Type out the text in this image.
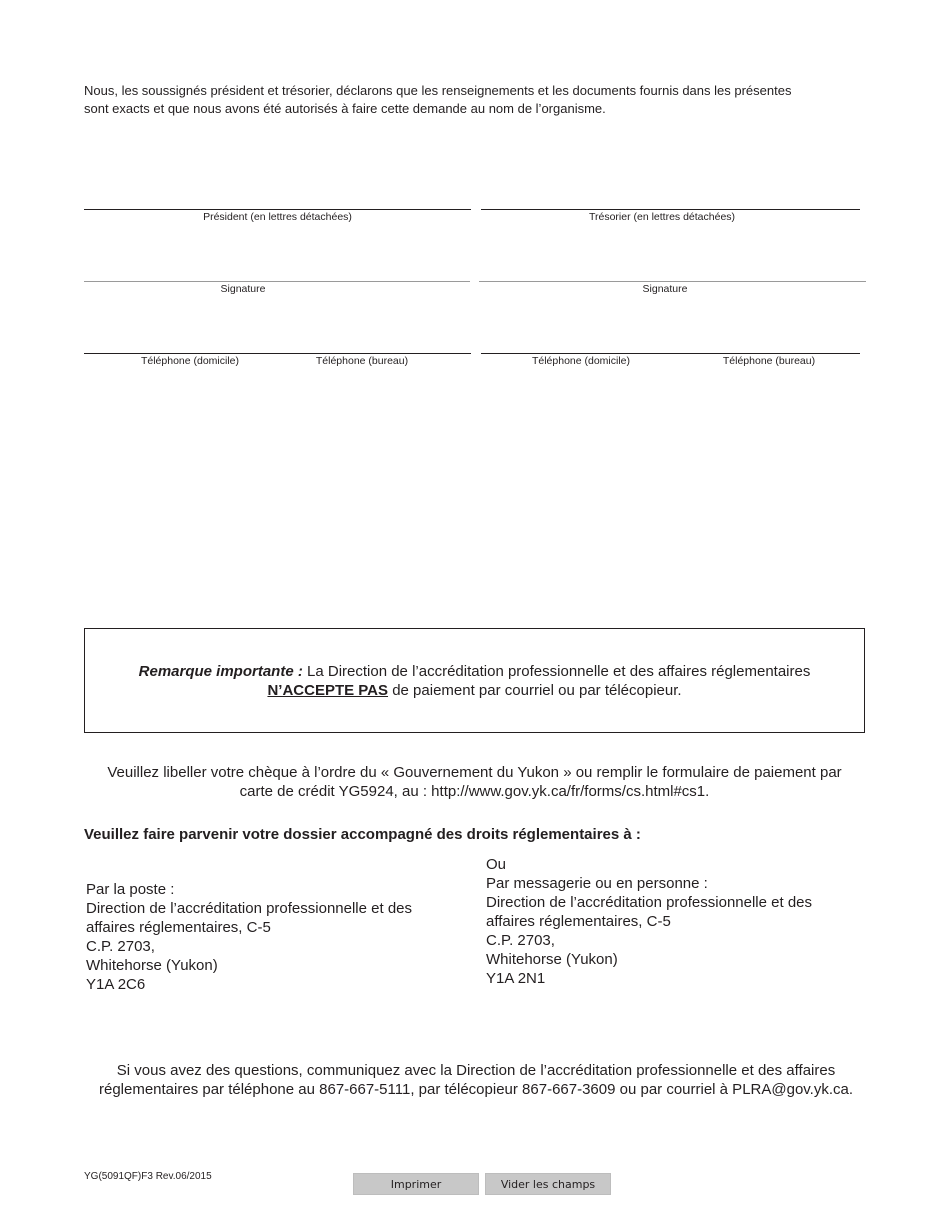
Nous, les soussignés président et trésorier, déclarons que les renseignements et les documents fournis dans les présentes
sont exacts et que nous avons été autorisés à faire cette demande au nom de l’organisme.
Président (en lettres détachées)	Trésorier (en lettres détachées)
Signature	Signature
Téléphone (domicile)	Téléphone (bureau)	Téléphone (domicile)	Téléphone (bureau)
Remarque importante : La Direction de l’accréditation professionnelle et des affaires réglementaires
N’ACCEPTE PAS de paiement par courriel ou par télécopieur.
Veuillez libeller votre chèque à l’ordre du « Gouvernement du Yukon » ou remplir le formulaire de paiement par
carte de crédit YG5924, au : http://www.gov.yk.ca/fr/forms/cs.html#cs1.
Veuillez faire parvenir votre dossier accompagné des droits réglementaires à :
Par la poste :
Direction de l’accréditation professionnelle et des
affaires réglementaires, C-5
C.P. 2703,
Whitehorse (Yukon)
Y1A 2C6
Ou
Par messagerie ou en personne :
Direction de l’accréditation professionnelle et des
affaires réglementaires, C-5
C.P. 2703,
Whitehorse (Yukon)
Y1A 2N1
Si vous avez des questions, communiquez avec la Direction de l’accréditation professionnelle et des affaires
réglementaires par téléphone au 867-667-5111, par télécopieur 867-667-3609 ou par courriel à PLRA@gov.yk.ca.
YG(5091QF)F3 Rev.06/2015
Imprimer	Vider les champs
